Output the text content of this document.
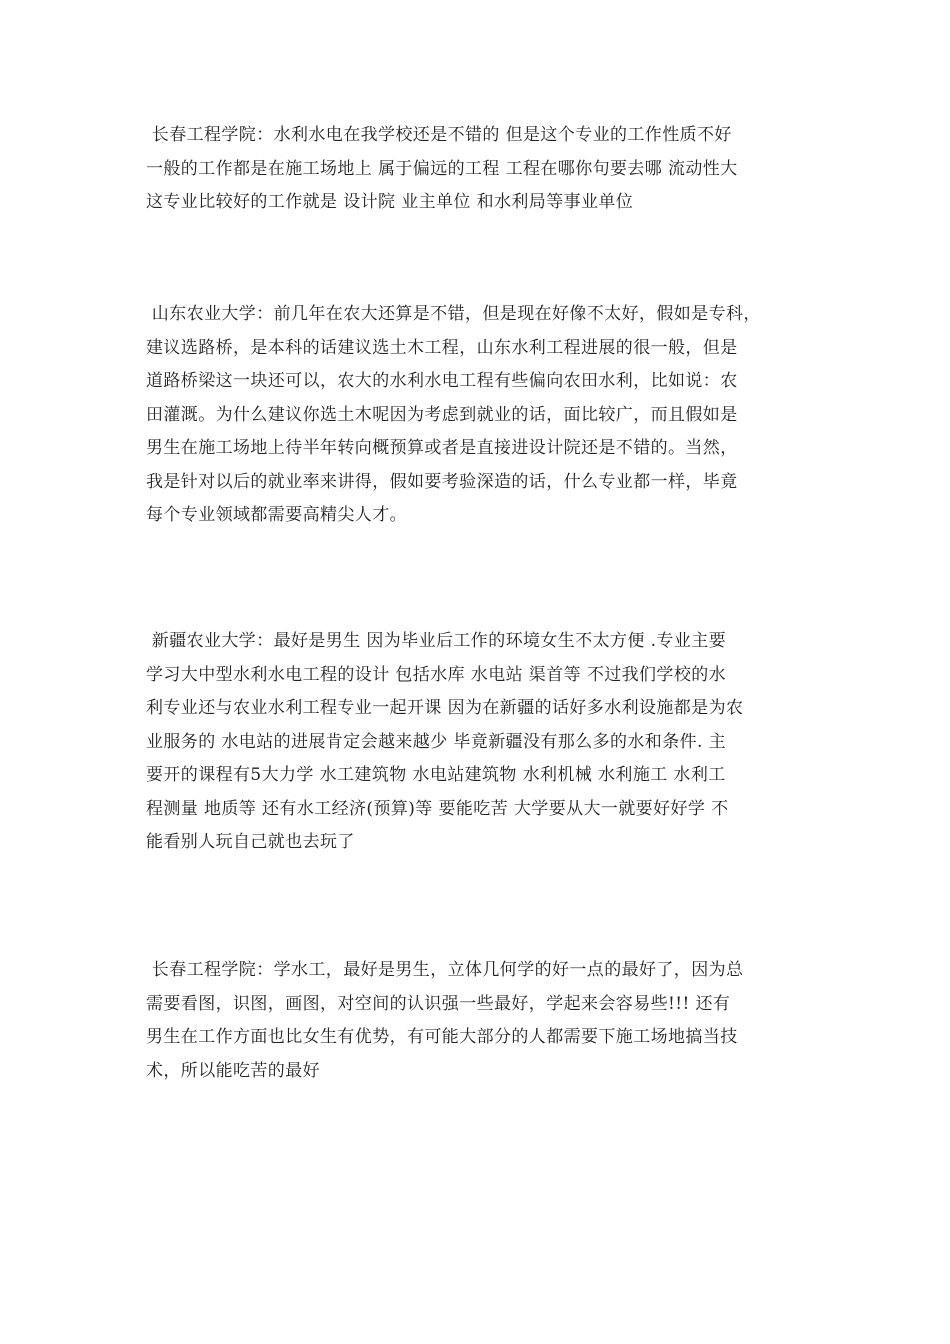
长春工程学院：水利水电在我学校还是不错的 但是这个专业的工作性质不好
一般的工作都是在施工场地上 属于偏远的工程 工程在哪你句要去哪 流动性大
这专业比较好的工作就是 设计院 业主单位 和水利局等事业单位
山东农业大学：前几年在农大还算是不错，但是现在好像不太好，假如是专科，
建议选路桥，是本科的话建议选土木工程，山东水利工程进展的很一般，但是
道路桥梁这一块还可以，农大的水利水电工程有些偏向农田水利，比如说：农
田灌溉。为什么建议你选土木呢因为考虑到就业的话，面比较广，而且假如是
男生在施工场地上待半年转向概预算或者是直接进设计院还是不错的。当然，
我是针对以后的就业率来讲得，假如要考验深造的话，什么专业都一样，毕竟
每个专业领域都需要高精尖人才。
新疆农业大学：最好是男生 因为毕业后工作的环境女生不太方便 .专业主要
学习大中型水利水电工程的设计 包括水库 水电站 渠首等 不过我们学校的水
利专业还与农业水利工程专业一起开课 因为在新疆的话好多水利设施都是为农
业服务的 水电站的进展肯定会越来越少 毕竟新疆没有那么多的水和条件. 主
要开的课程有5大力学 水工建筑物 水电站建筑物 水利机械 水利施工 水利工
程测量 地质等 还有水工经济(预算)等 要能吃苦 大学要从大一就要好好学 不
能看别人玩自己就也去玩了
长春工程学院：学水工，最好是男生，立体几何学的好一点的最好了，因为总
需要看图，识图，画图，对空间的认识强一些最好，学起来会容易些!!! 还有
男生在工作方面也比女生有优势，有可能大部分的人都需要下施工场地搞当技
术，所以能吃苦的最好
